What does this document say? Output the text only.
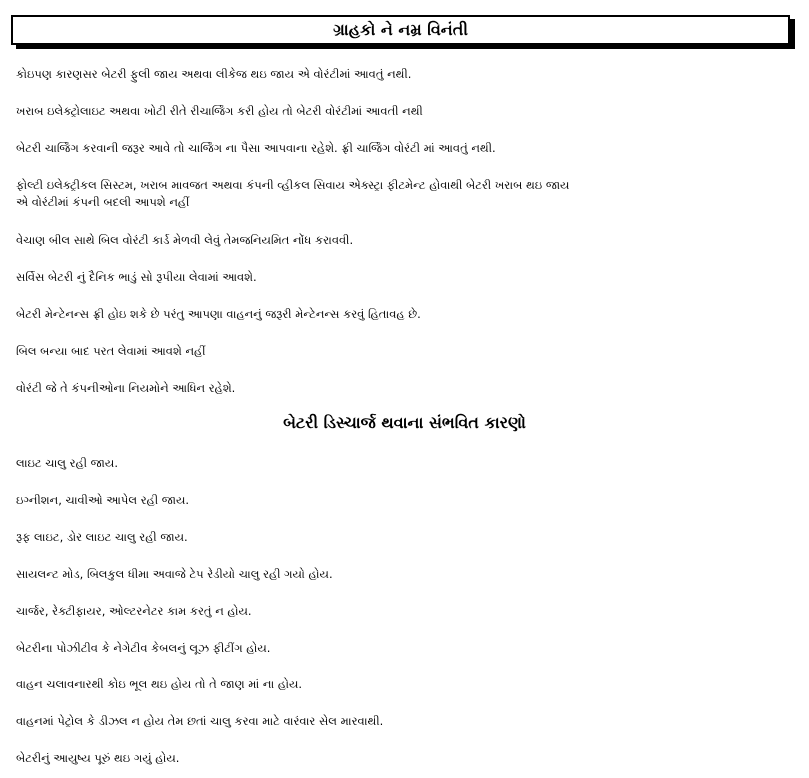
ગ્રાહકો ને નમ્ર વિનંતી
કોઇપણ કારણસર બેટરી ફુલી જાય અથવા લીકેજ થઇ જાય એ વોરંટીમાં આવતું નથી.
ખરાબ ઇલેક્ટ્રોલાઇટ અથવા ખોટી રીતે રીચાર્જિંગ કરી હોય તો બેટરી વોરંટીમાં આવતી નથી
બેટરી ચાર્જિંગ કરવાની જરૂર આવે તો ચાર્જિંગ ના પૈસા આપવાના રહેશે. ફ્રી ચાર્જિંગ વોરંટી માં આવતું નથી.
ફોલ્ટી ઇલેક્ટ્રીકલ સિસ્ટમ, ખરાબ માવજત અથવા કંપની વ્હીકલ સિવાય એક્સ્ટ્રા ફીટમેન્ટ હોવાથી બેટરી ખરાબ થઇ જાય
એ વોરંટીમાં કંપની બદલી આપશે નહીં
વેચાણ બીલ સાથે બિલ વોરંટી કાર્ડ મેળવી લેવું તેમજનિયમિત નોંધ કરાવવી.
સર્વિસ બેટરી નું દૈનિક ભાડું સો રૂપીયા લેવામાં આવશે.
બેટરી મેન્ટેનન્સ ફ્રી હોઇ શકે છે પરંતુ આપણા વાહનનું જરૂરી મેન્ટેનન્સ કરવું હિતાવહ છે.
બિલ બન્યા બાદ પરત લેવામાં આવશે નહીં
વોરંટી જે તે કંપનીઓના નિયમોને આધિન રહેશે.
બેટરી ડિસ્ચાર્જ થવાના સંભવિત કારણો
લાઇટ ચાલુ રહી જાય.
ઇગ્નીશન, ચાવીઓ આપેલ રહી જાય.
રૂફ લાઇટ, ડોર લાઇટ ચાલુ રહી જાય.
સાયલન્ટ મોડ, બિલકુલ ધીમા અવાજે ટેપ રેડીયો ચાલુ રહી ગયો હોય.
ચાર્જર, રેક્ટીફાયર, ઓલ્ટરનેટર કામ કરતું ન હોય.
બેટરીના પોઝીટીવ કે નેગેટીવ કેબલનું લૂઝ ફીટીંગ હોય.
વાહન ચલાવનારથી કોઇ ભૂલ થઇ હોય તો તે જાણ માં ના હોય.
વાહનમાં પેટ્રોલ કે ડીઝલ ન હોય તેમ છતાં ચાલુ કરવા માટે વારંવાર સેલ મારવાથી.
બેટરીનું આયુષ્ય પૂરું થઇ ગયું હોય.
